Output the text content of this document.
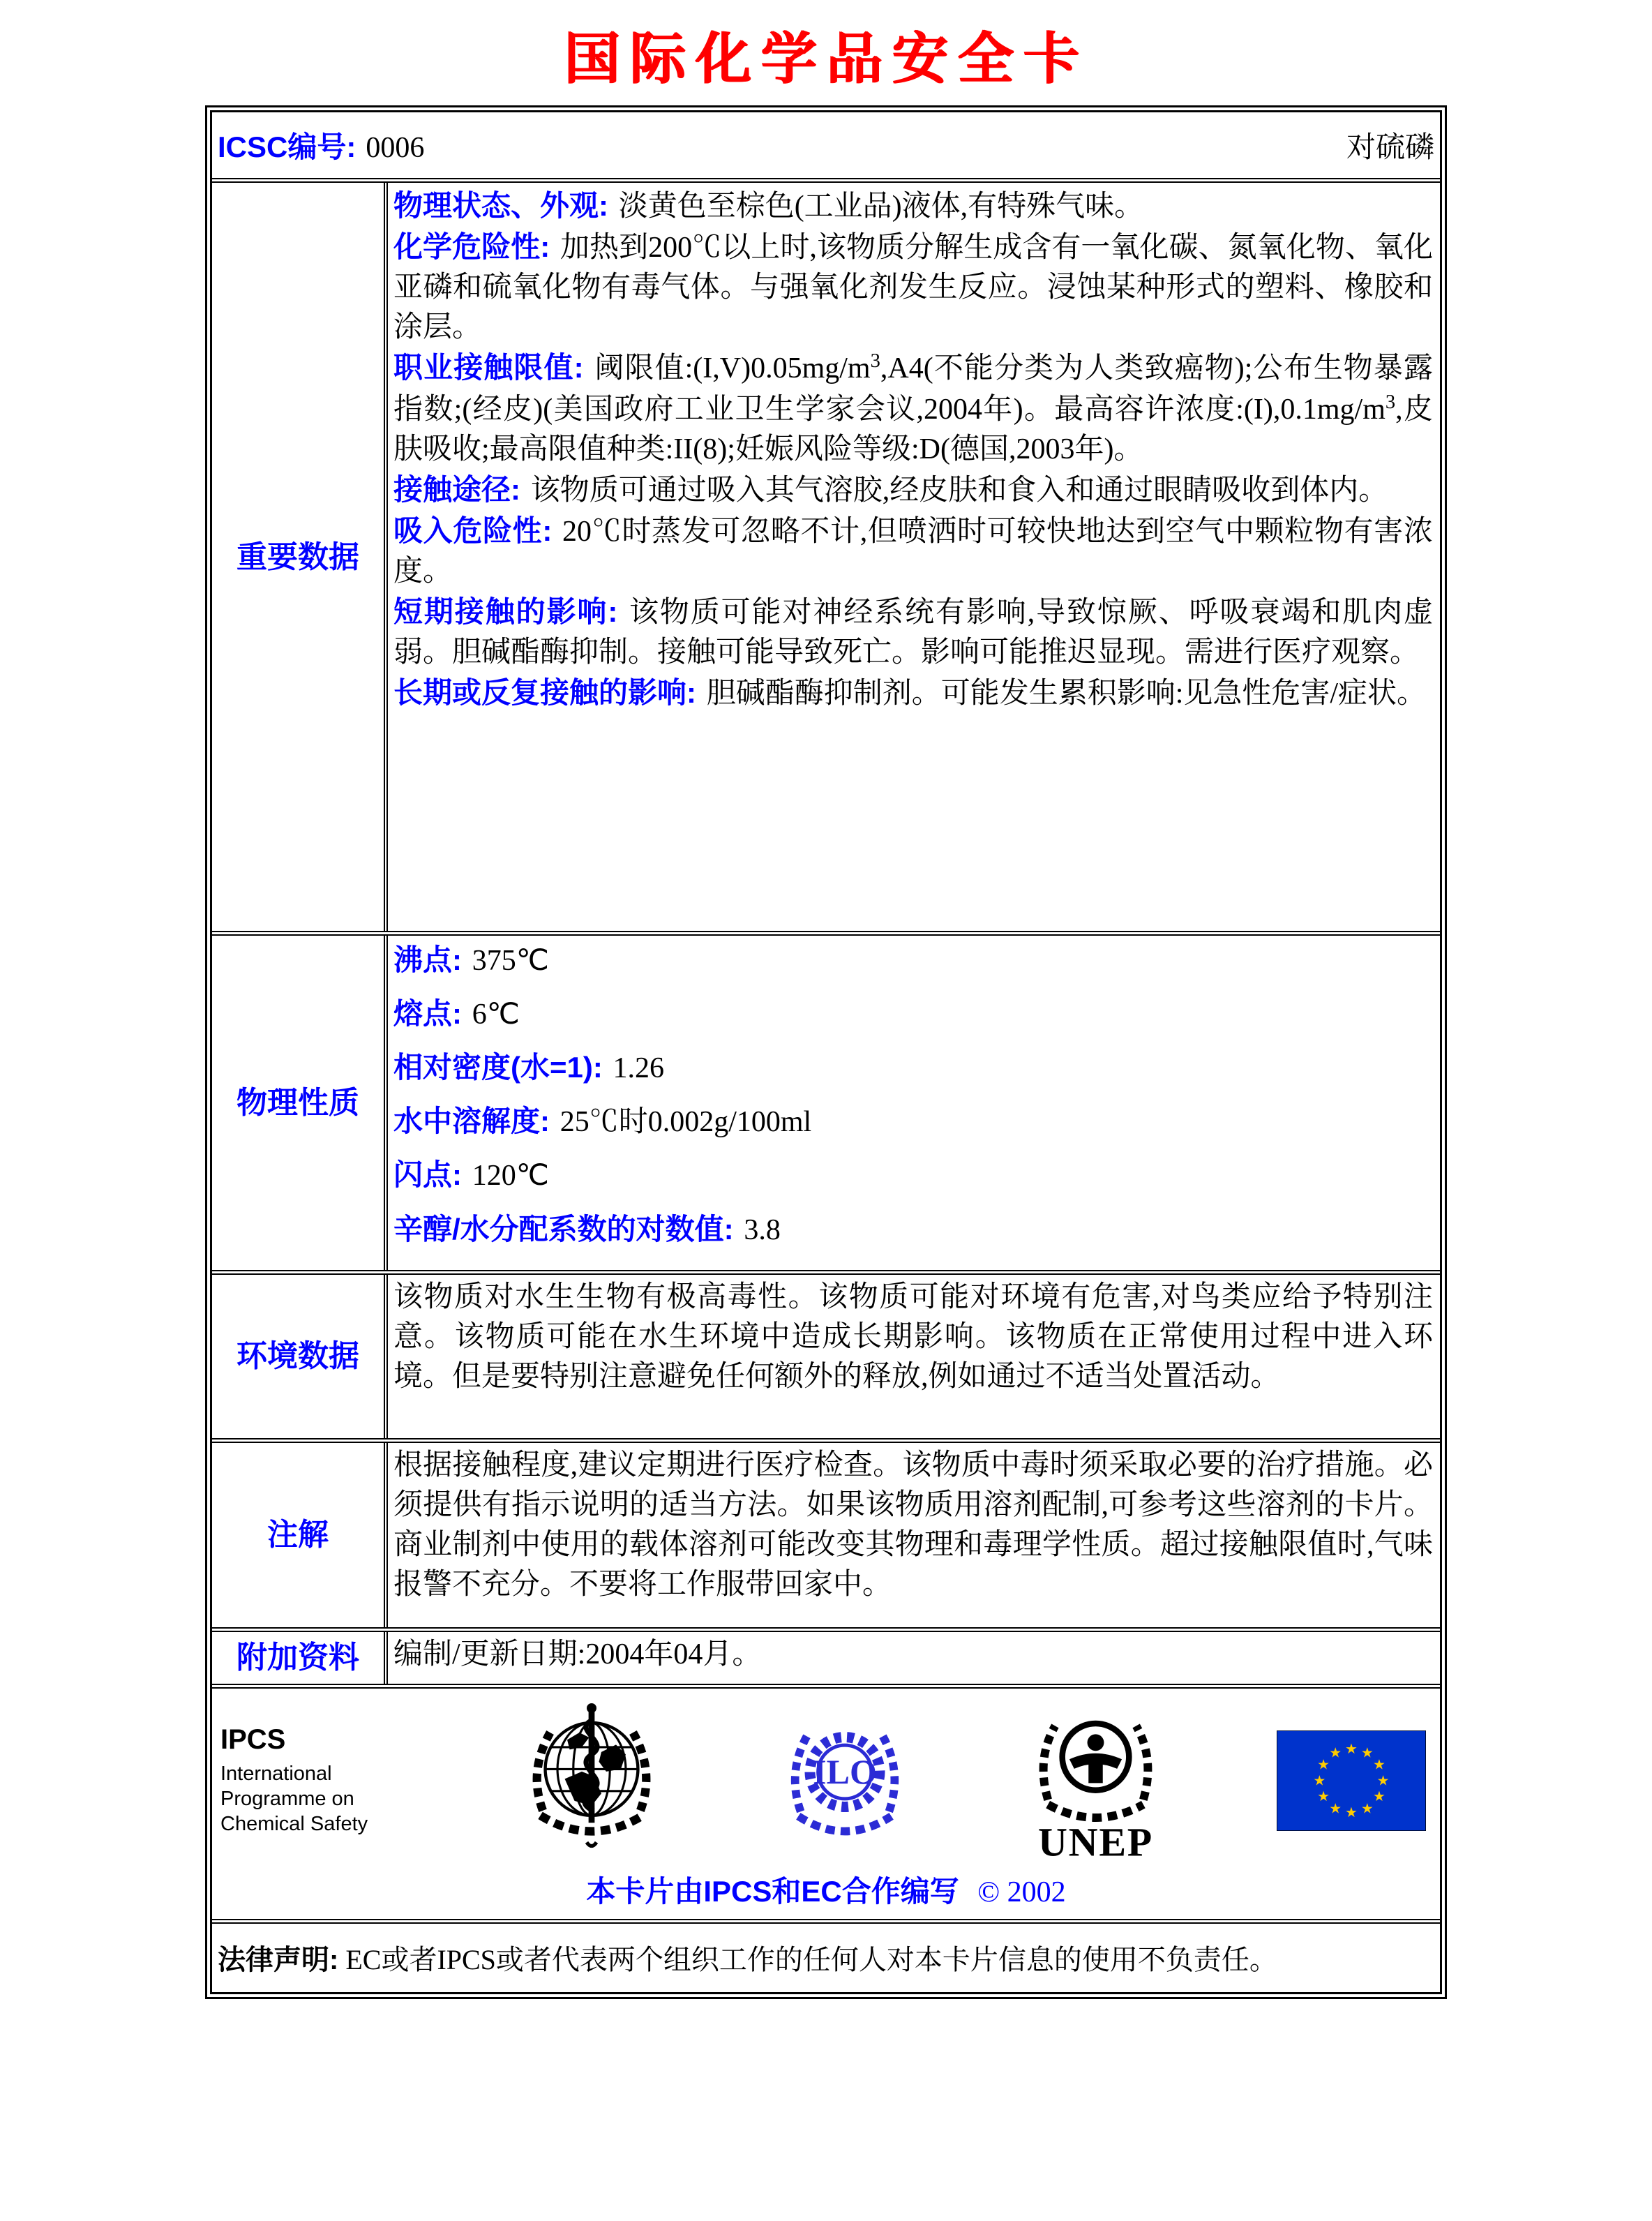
国际化学品安全卡
ICSC编号: 0006	对硫磷
重要数据

物理状态、外观: 淡黄色至棕色(工业品)液体,有特殊气味。

化学危险性: 加热到200℃以上时,该物质分解生成含有一氧化碳、氮氧化物、氧化亚磷和硫氧化物有毒气体。与强氧化剂发生反应。浸蚀某种形式的塑料、橡胶和涂层。

职业接触限值: 阈限值$:(I,V)0.05mg/m^3,A4$(不能分类为人类致癌物);公布生物暴露指数;(经皮)(美国政府工业卫生学家会议,2004年)。最高容许浓度$:(I),0.1mg/m^3$,皮肤吸收;最高限值种类:II(8);妊娠风险等级:D(德国,2003年)。

接触途径: 该物质可通过吸入其气溶胶,经皮肤和食入和通过眼睛吸收到体内。

吸入危险性: 20℃时蒸发可忽略不计,但喷洒时可较快地达到空气中颗粒物有害浓度。

短期接触的影响: 该物质可能对神经系统有影响,导致惊厥、呼吸衰竭和肌肉虚弱。胆碱酯酶抑制。接触可能导致死亡。影响可能推迟显现。需进行医疗观察。

长期或反复接触的影响: 胆碱酯酶抑制剂。可能发生累积影响:见急性危害/症状。

物理性质

沸点: 375℃

熔点: 6℃

相对密度(水=1): 1.26

水中溶解度: 25℃时0.002g/100ml

闪点: 120℃

辛醇/水分配系数的对数值: 3.8

环境数据

该物质对水生生物有极高毒性。该物质可能对环境有危害,对鸟类应给予特别注意。该物质可能在水生环境中造成长期影响。该物质在正常使用过程中进入环境。但是要特别注意避免任何额外的释放,例如通过不适当处置活动。

注解

根据接触程度,建议定期进行医疗检查。该物质中毒时须采取必要的治疗措施。必须提供有指示说明的适当方法。如果该物质用溶剂配制,可参考这些溶剂的卡片。商业制剂中使用的载体溶剂可能改变其物理和毒理学性质。超过接触限值时,气味报警不充分。不要将工作服带回家中。

附加资料	编制/更新日期:2004年04月。

IPCS
International Programme on Chemical Safety
ILO
UNEP
★ ★
★
★
★
★
★
★
★
★
★
★
本卡片由IPCS和EC合作编写 © 2002
法律声明: EC或者IPCS或者代表两个组织工作的任何人对本卡片信息的使用不负责任。
